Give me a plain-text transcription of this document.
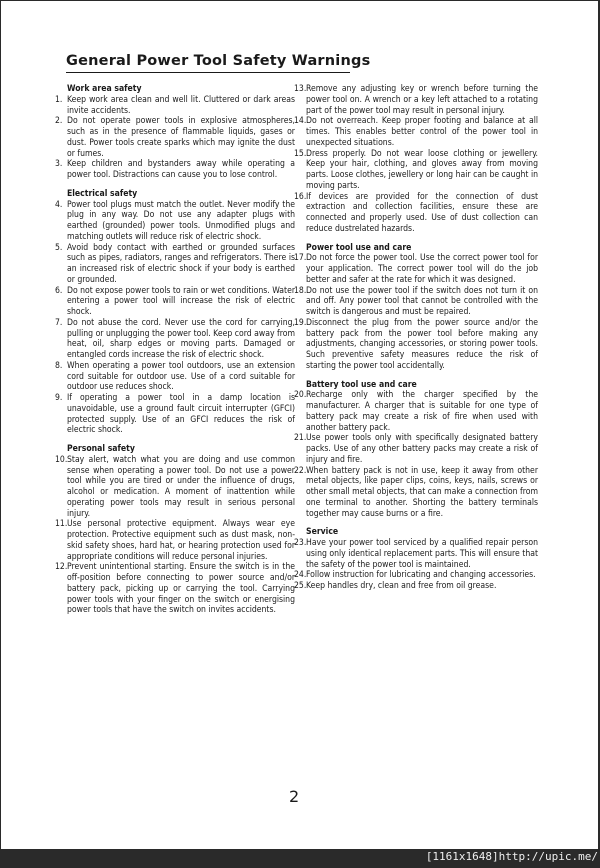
General Power Tool Safety Warnings
Work area safety
1. Keep work area clean and well lit. Cluttered or dark areas invite accidents.
2. Do not operate power tools in explosive atmospheres, such as in the presence of flammable liquids, gases or dust. Power tools create sparks which may ignite the dust or fumes.
3. Keep children and bystanders away while operating a power tool. Distractions can cause you to lose control.
Electrical safety
4. Power tool plugs must match the outlet. Never modify the plug in any way. Do not use any adapter plugs with earthed (grounded) power tools. Unmodified plugs and matching outlets will reduce risk of electric shock.
5. Avoid body contact with earthed or grounded surfaces such as pipes, radiators, ranges and refrigerators. There is an increased risk of electric shock if your body is earthed or grounded.
6. Do not expose power tools to rain or wet conditions. Water entering a power tool will increase the risk of electric shock.
7. Do not abuse the cord. Never use the cord for carrying, pulling or unplugging the power tool. Keep cord away from heat, oil, sharp edges or moving parts. Damaged or entangled cords increase the risk of electric shock.
8. When operating a power tool outdoors, use an extension cord suitable for outdoor use. Use of a cord suitable for outdoor use reduces shock.
9. If operating a power tool in a damp location is unavoidable, use a ground fault circuit interrupter (GFCI) protected supply. Use of an GFCI reduces the risk of electric shock.
Personal safety
10. Stay alert, watch what you are doing and use common sense when operating a power tool. Do not use a power tool while you are tired or under the influence of drugs, alcohol or medication. A moment of inattention while operating power tools may result in serious personal injury.
11. Use personal protective equipment. Always wear eye protection. Protective equipment such as dust mask, non-skid safety shoes, hard hat, or hearing protection used for appropriate conditions will reduce personal injuries.
12. Prevent unintentional starting. Ensure the switch is in the off-position before connecting to power source and/or battery pack, picking up or carrying the tool. Carrying power tools with your finger on the switch or energising power tools that have the switch on invites accidents.
13. Remove any adjusting key or wrench before turning the power tool on. A wrench or a key left attached to a rotating part of the power tool may result in personal injury.
14. Do not overreach. Keep proper footing and balance at all times. This enables better control of the power tool in unexpected situations.
15. Dress properly. Do not wear loose clothing or jewellery. Keep your hair, clothing, and gloves away from moving parts. Loose clothes, jewellery or long hair can be caught in moving parts.
16. If devices are provided for the connection of dust extraction and collection facilities, ensure these are connected and properly used. Use of dust collection can reduce dustrelated hazards.
Power tool use and care
17. Do not force the power tool. Use the correct power tool for your application. The correct power tool will do the job better and safer at the rate for which it was designed.
18. Do not use the power tool if the switch does not turn it on and off. Any power tool that cannot be controlled with the switch is dangerous and must be repaired.
19. Disconnect the plug from the power source and/or the battery pack from the power tool before making any adjustments, changing accessories, or storing power tools. Such preventive safety measures reduce the risk of starting the power tool accidentally.
Battery tool use and care
20. Recharge only with the charger specified by the manufacturer. A charger that is suitable for one type of battery pack may create a risk of fire when used with another battery pack.
21. Use power tools only with specifically designated battery packs. Use of any other battery packs may create a risk of injury and fire.
22. When battery pack is not in use, keep it away from other metal objects, like paper clips, coins, keys, nails, screws or other small metal objects, that can make a connection from one terminal to another. Shorting the battery terminals together may cause burns or a fire.
Service
23. Have your power tool serviced by a qualified repair person using only identical replacement parts. This will ensure that the safety of the power tool is maintained.
24. Follow instruction for lubricating and changing accessories.
25. Keep handles dry, clean and free from oil grease.
2
[1161x1648]http://upic.me/
